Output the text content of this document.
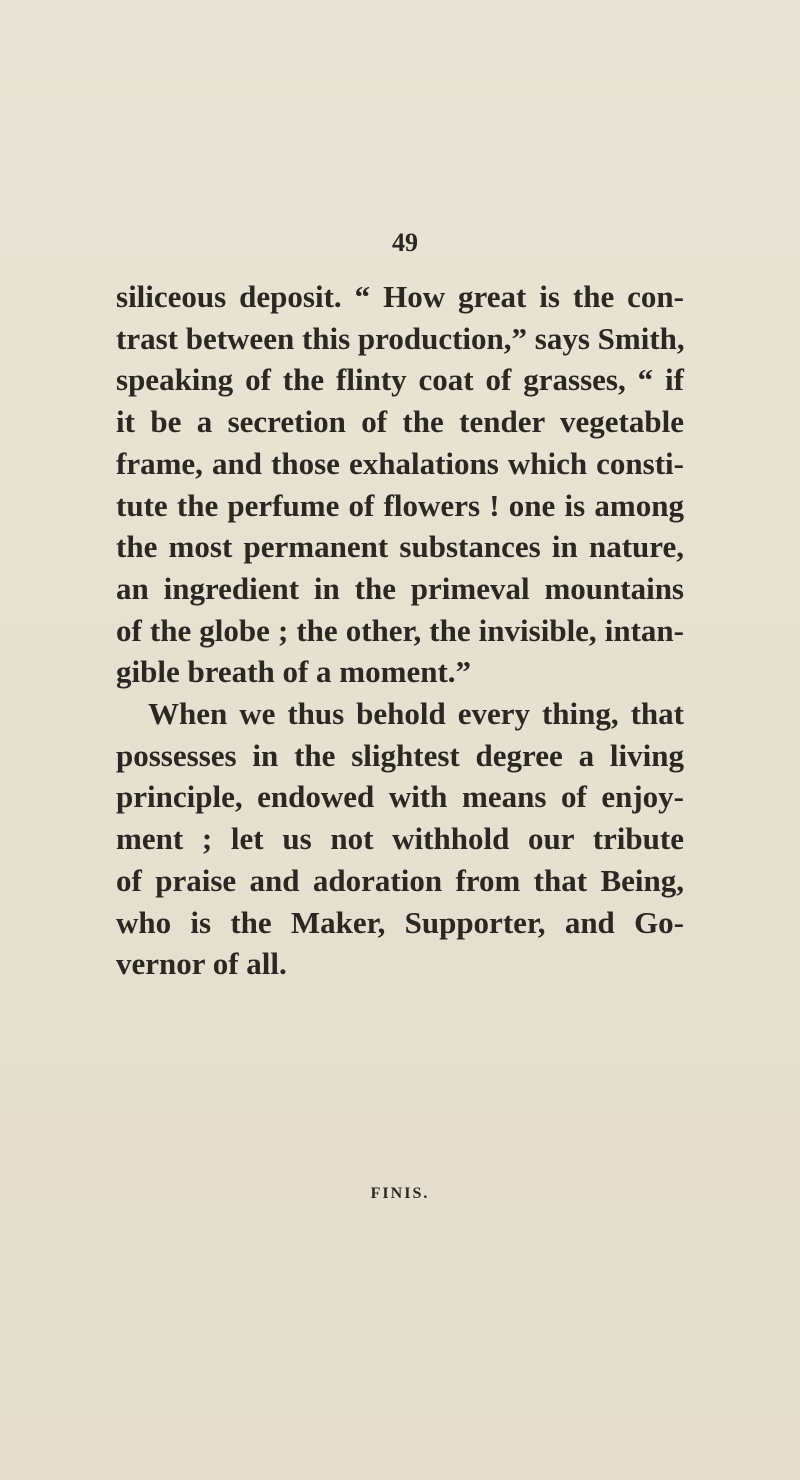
49
siliceous deposit. “ How great is the con-
trast between this production,” says Smith,
speaking of the flinty coat of grasses, “ if
it be a secretion of the tender vegetable
frame, and those exhalations which consti-
tute the perfume of flowers ! one is among
the most permanent substances in nature,
an ingredient in the primeval mountains
of the globe ; the other, the invisible, intan-
gible breath of a moment.”
When we thus behold every thing, that
possesses in the slightest degree a living
principle, endowed with means of enjoy-
ment ; let us not withhold our tribute
of praise and adoration from that Being,
who is the Maker, Supporter, and Go-
vernor of all.
FINIS.
